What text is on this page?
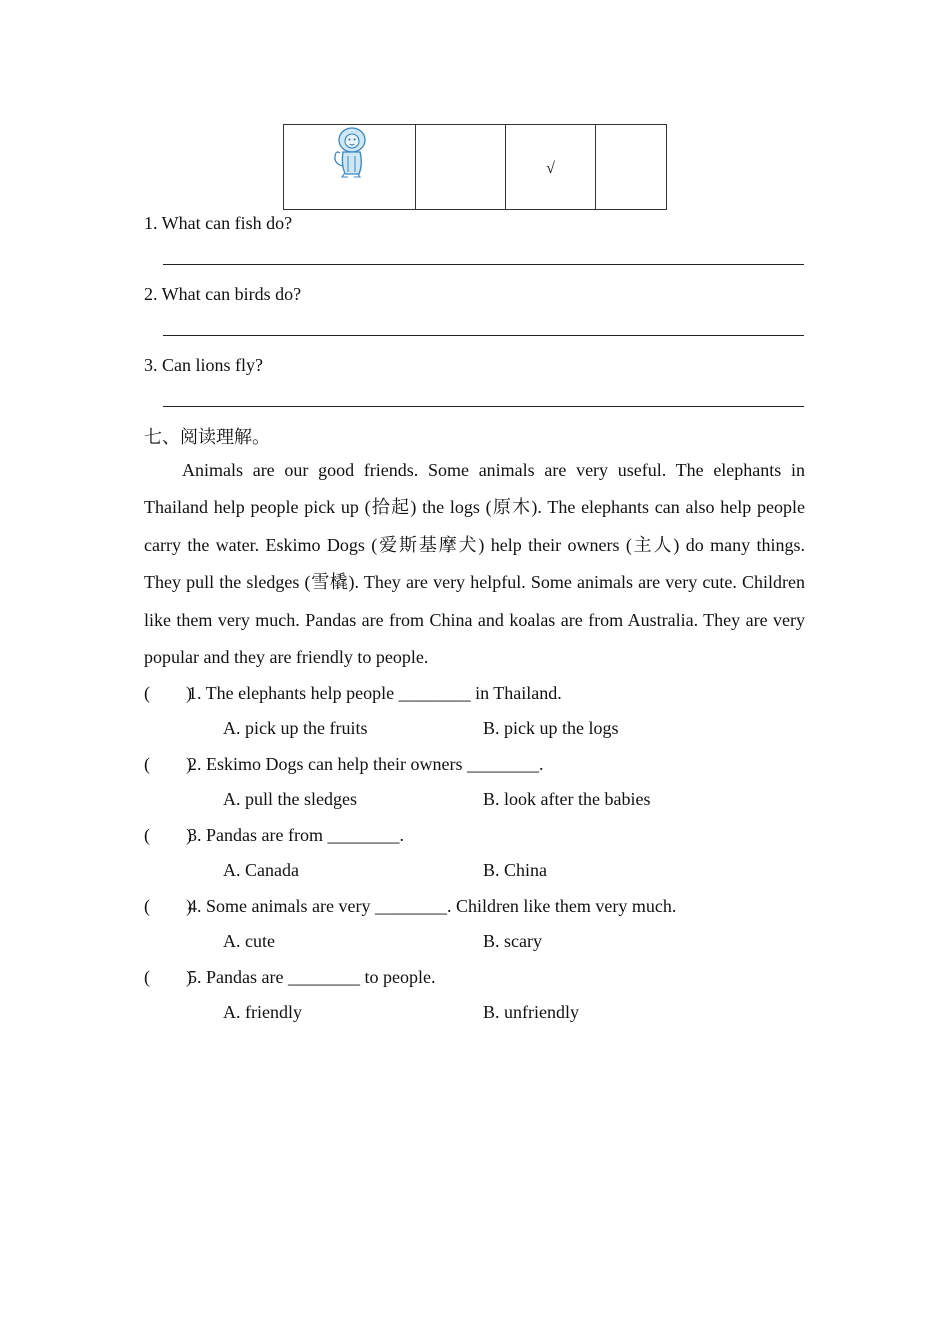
		√	
1. What can fish do?
2. What can birds do?
3. Can lions fly?
七、阅读理解。

Animals are our good friends. Some animals are very useful. The elephants in Thailand help people pick up (拾起) the logs (原木). The elephants can also help people carry the water. Eskimo Dogs (爱斯基摩犬) help their owners (主人) do many things. They pull the sledges (雪橇). They are very helpful. Some animals are very cute. Children like them very much. Pandas are from China and koalas are from Australia. They are very popular and they are friendly to people.

(        )1. The elephants help people ________ in Thailand.
A. pick up the fruits	B. pick up the logs
(        )2. Eskimo Dogs can help their owners ________.
A. pull the sledges	B. look after the babies
(        )3. Pandas are from ________.
A. Canada	B. China
(        )4. Some animals are very ________. Children like them very much.
A. cute	B. scary
(        )5. Pandas are ________ to people.
A. friendly	B. unfriendly
